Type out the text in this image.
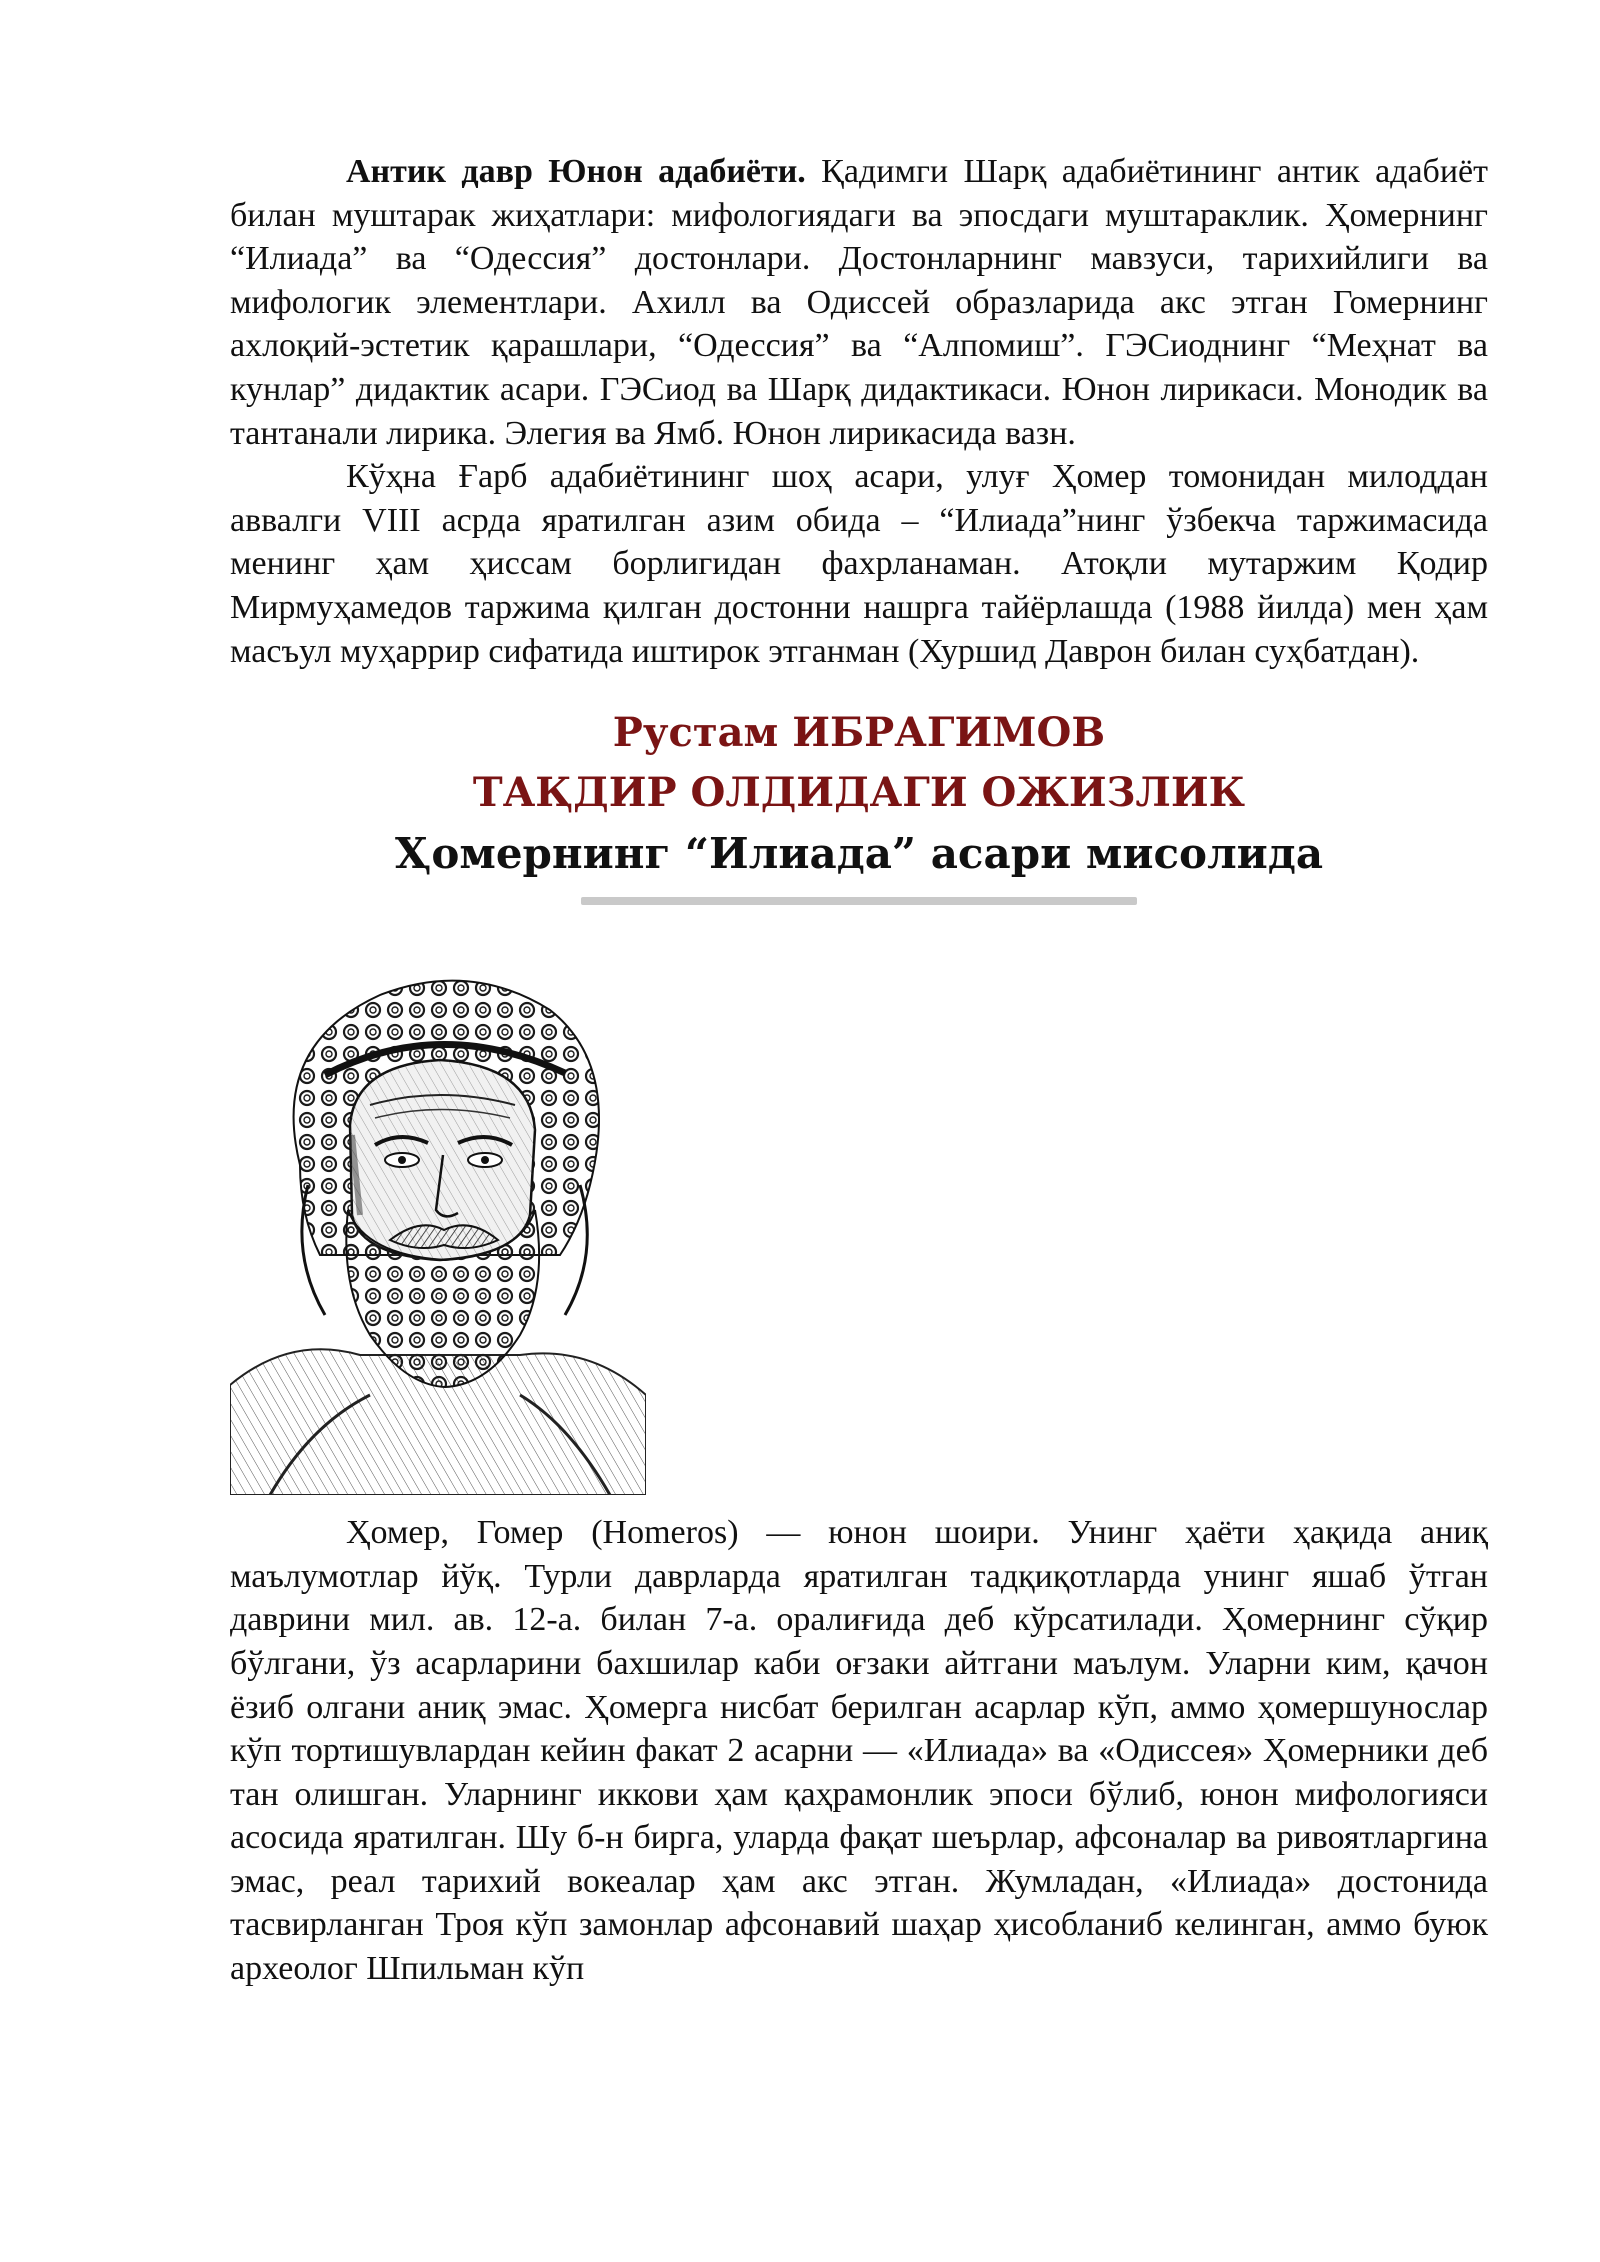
Антик давр Юнон адабиёти. Қадимги Шарқ адабиётининг антик адабиёт билан муштарак жиҳатлари: мифологиядаги ва эпосдаги муштараклик. Ҳомернинг “Илиада” ва “Одессия” достонлари. Достонларнинг мавзуси, тарихийлиги ва мифологик элементлари. Ахилл ва Одиссей образларида акс этган Гомернинг ахлоқий-эстетик қарашлари, “Одессия” ва “Алпомиш”. ГЭСиоднинг “Меҳнат ва кунлар” дидактик асари. ГЭСиод ва Шарқ дидактикаси. Юнон лирикаси. Монодик ва тантанали лирика. Элегия ва Ямб. Юнон лирикасида вазн.

Кўҳна Ғарб адабиётининг шоҳ асари, улуғ Ҳомер томонидан милоддан аввалги VIII асрда яратилган азим обида – “Илиада”нинг ўзбекча таржимасида менинг ҳам ҳиссам борлигидан фахрланаман. Атоқли мутаржим Қодир Мирмуҳамедов таржима қилган достонни нашрга тайёрлашда (1988 йилда) мен ҳам масъул муҳаррир сифатида иштирок этганман (Хуршид Даврон билан суҳбатдан).

Рустам ИБРАГИМОВ

ТАҚДИР ОЛДИДАГИ ОЖИЗЛИК

Ҳомернинг “Илиада” асари мисолида

Ҳомер, Гомер (Homeros) — юнон шоири. Унинг ҳаёти ҳақида аниқ маълумотлар йўқ. Турли даврларда яратилган тадқиқотларда унинг яшаб ўтган даврини мил. ав. 12-а. билан 7-а. оралиғида деб кўрсатилади. Ҳомернинг сўқир бўлгани, ўз асарларини бахшилар каби оғзаки айтгани маълум. Уларни ким, қачон ёзиб олгани аниқ эмас. Ҳомерга нисбат берилган асарлар кўп, аммо ҳомершунослар кўп тортишувлардан кейин факат 2 асарни — «Илиада» ва «Одиссея» Ҳомерники деб тан олишган. Уларнинг иккови ҳам қаҳрамонлик эпоси бўлиб, юнон мифологияси асосида яратилган. Шу б-н бирга, уларда фақат шеърлар, афсоналар ва ривоятларгина эмас, реал тарихий вокеалар ҳам акс этган. Жумладан, «Илиада» достонида тасвирланган Троя кўп замонлар афсонавий шаҳар ҳисобланиб келинган, аммо буюк археолог Шпильман кўп
